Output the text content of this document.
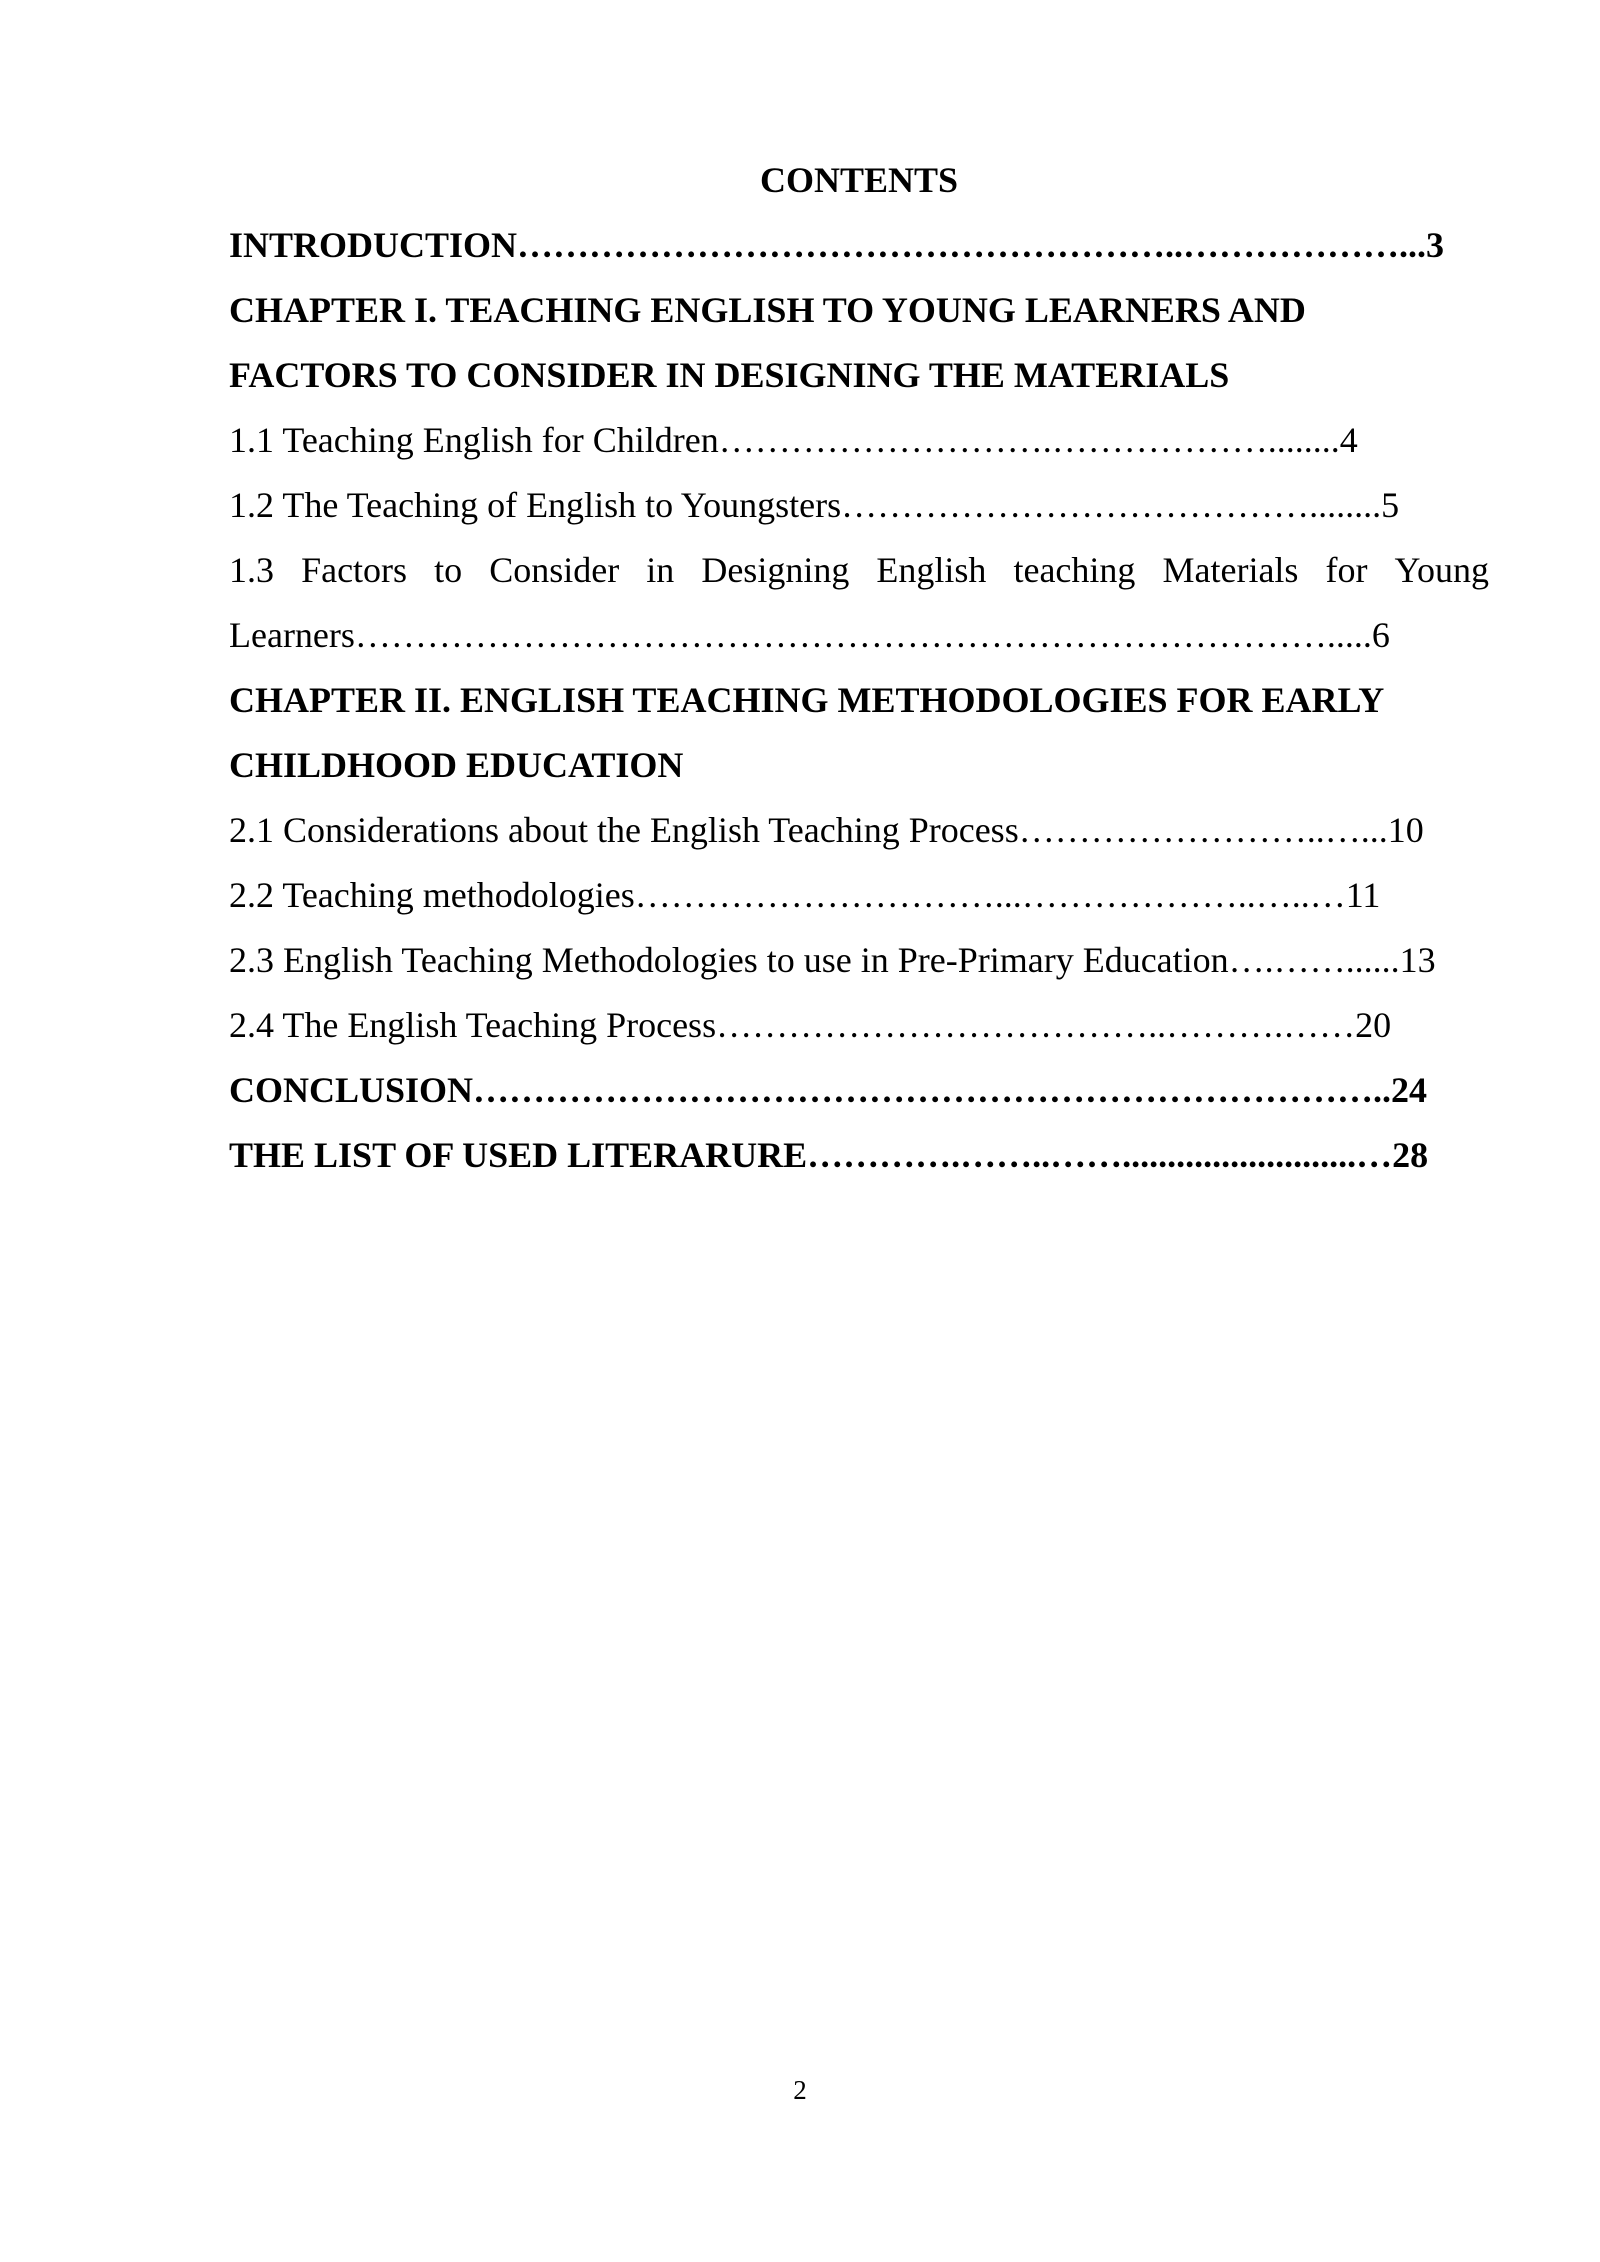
CONTENTS
INTRODUCTION………………………………………………..………………...3
CHAPTER I. TEACHING ENGLISH TO YOUNG LEARNERS AND
FACTORS TO CONSIDER IN DESIGNING THE MATERIALS
1.1 Teaching English for Children……………………….………………........4
1.2 The Teaching of English to Youngsters…………………………………........5
1.3 Factors to Consider in Designing English teaching Materials for Young
Learners……………………………………………………………………….....6
CHAPTER II. ENGLISH TEACHING METHODOLOGIES FOR EARLY
CHILDHOOD EDUCATION
2.1 Considerations about the English Teaching Process……………………..…...10
2.2 Teaching methodologies…………………………...………………..…..…11
2.3 English Teaching Methodologies to use in Pre-Primary Education….……......13
2.4 The English Teaching Process………………………………..……….……20
CONCLUSION…………………………………………………………………..24
THE LIST OF USED LITERARURE………….……..……..........................…28
2
